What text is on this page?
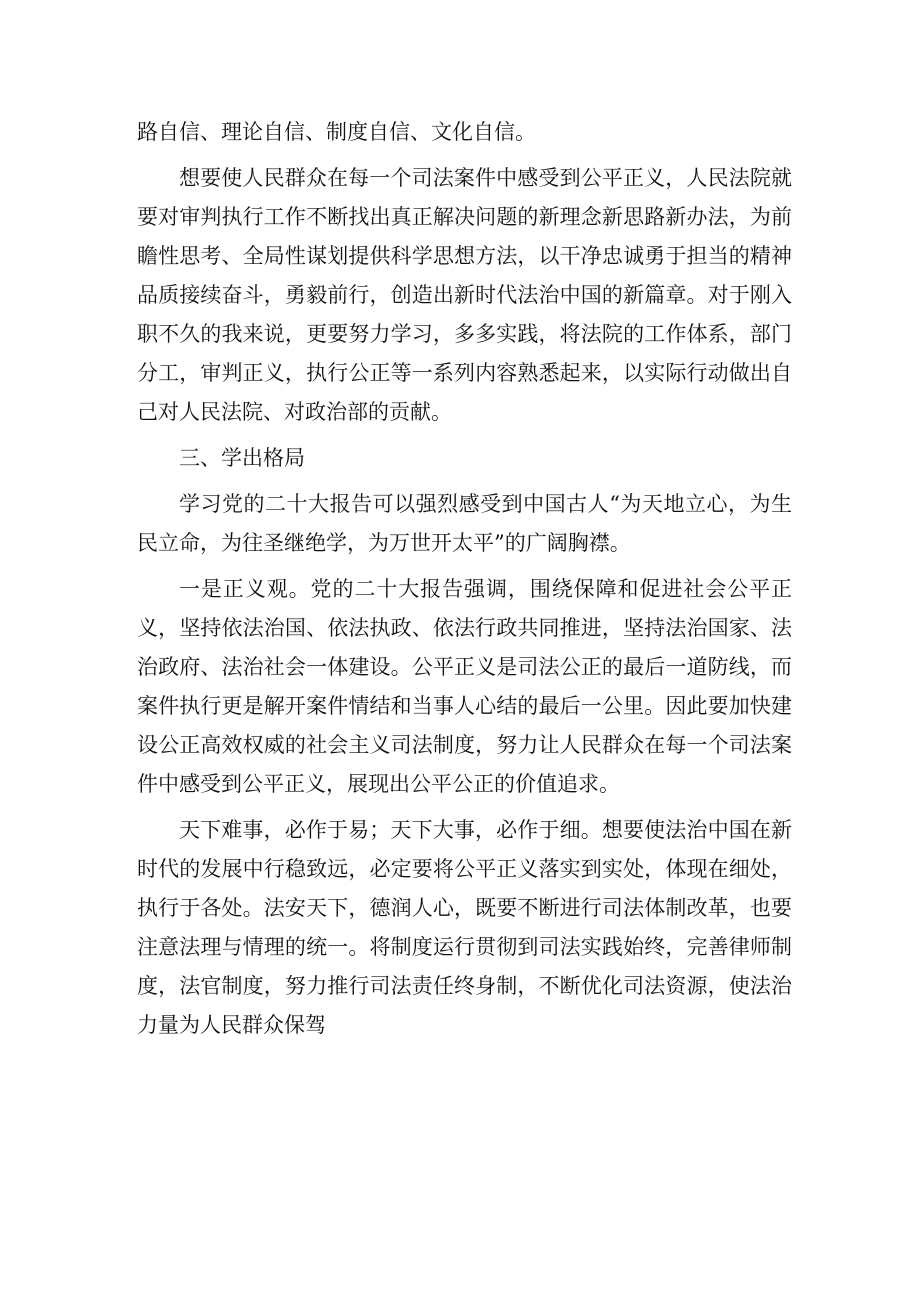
路自信、理论自信、制度自信、文化自信。

想要使人民群众在每一个司法案件中感受到公平正义，人民法院就要对审判执行工作不断找出真正解决问题的新理念新思路新办法，为前瞻性思考、全局性谋划提供科学思想方法，以干净忠诚勇于担当的精神品质接续奋斗，勇毅前行，创造出新时代法治中国的新篇章。对于刚入职不久的我来说，更要努力学习，多多实践，将法院的工作体系，部门分工，审判正义，执行公正等一系列内容熟悉起来，以实际行动做出自己对人民法院、对政治部的贡献。

三、学出格局

学习党的二十大报告可以强烈感受到中国古人“为天地立心，为生民立命，为往圣继绝学，为万世开太平”的广阔胸襟。

一是正义观。党的二十大报告强调，围绕保障和促进社会公平正义，坚持依法治国、依法执政、依法行政共同推进，坚持法治国家、法治政府、法治社会一体建设。公平正义是司法公正的最后一道防线，而案件执行更是解开案件情结和当事人心结的最后一公里。因此要加快建设公正高效权威的社会主义司法制度，努力让人民群众在每一个司法案件中感受到公平正义，展现出公平公正的价值追求。

天下难事，必作于易；天下大事，必作于细。想要使法治中国在新时代的发展中行稳致远，必定要将公平正义落实到实处，体现在细处，执行于各处。法安天下，德润人心，既要不断进行司法体制改革，也要注意法理与情理的统一。将制度运行贯彻到司法实践始终，完善律师制度，法官制度，努力推行司法责任终身制，不断优化司法资源，使法治力量为人民群众保驾
